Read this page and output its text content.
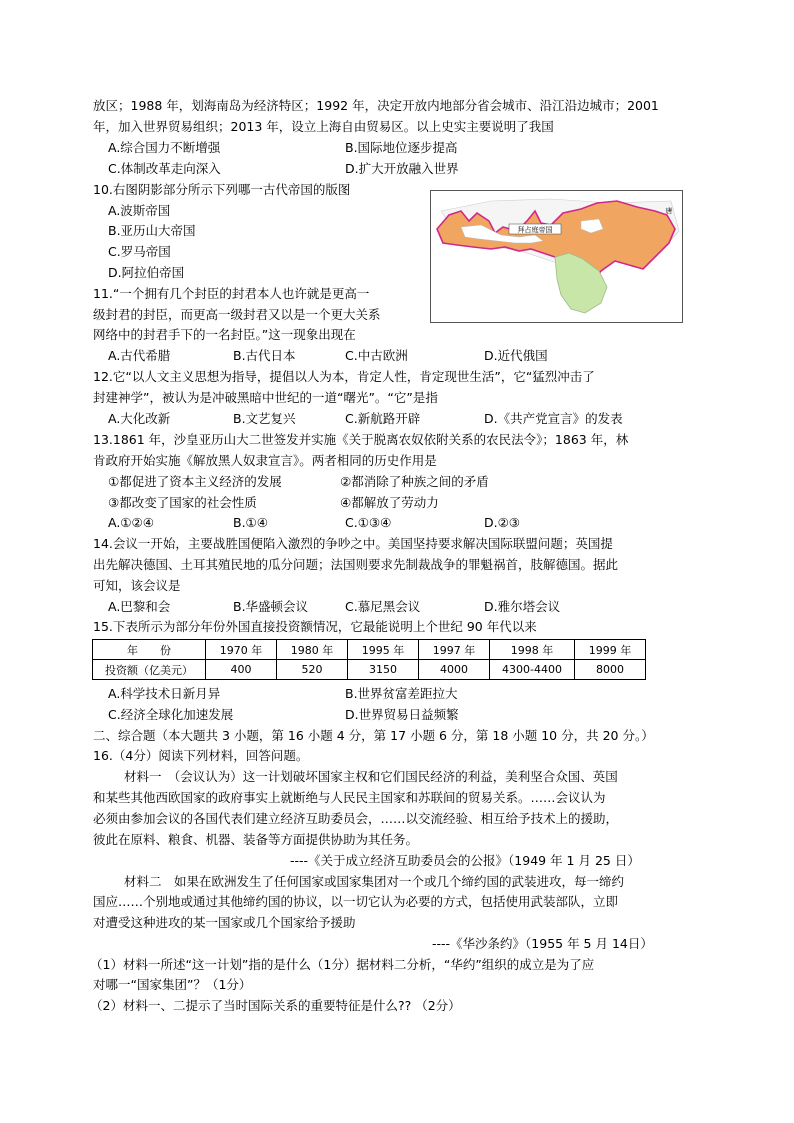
放区；1988 年，划海南岛为经济特区；1992 年，决定开放内地部分省会城市、沿江沿边城市；2001
年，加入世界贸易组织；2013 年，设立上海自由贸易区。以上史实主要说明了我国
A.综合国力不断增强	B.国际地位逐步提高
C.体制改革走向深入	D.扩大开放融入世界
10.右图阴影部分所示下列哪一古代帝国的版图
A.波斯帝国
B.亚历山大帝国
C.罗马帝国
D.阿拉伯帝国
拜占庭帝国
唐
11.“一个拥有几个封臣的封君本人也许就是更高一
级封君的封臣，而更高一级封君又以是一个更大关系
网络中的封君手下的一名封臣。”这一现象出现在
A.古代希腊	B.古代日本	C.中古欧洲	D.近代俄国
12.它“以人文主义思想为指导，提倡以人为本，肯定人性，肯定现世生活”，它“猛烈冲击了
封建神学”，被认为是冲破黑暗中世纪的一道“曙光”。“它”是指
A.大化改新	B.文艺复兴	C.新航路开辟	D.《共产党宣言》的发表
13.1861 年，沙皇亚历山大二世签发并实施《关于脱离农奴依附关系的农民法令》；1863 年，林
肯政府开始实施《解放黑人奴隶宣言》。两者相同的历史作用是
①都促进了资本主义经济的发展	②都消除了种族之间的矛盾
③都改变了国家的社会性质	④都解放了劳动力
A.①②④	B.①④	C.①③④	D.②③
14.会议一开始，主要战胜国便陷入激烈的争吵之中。美国坚持要求解决国际联盟问题；英国提
出先解决德国、土耳其殖民地的瓜分问题；法国则要求先制裁战争的罪魁祸首，肢解德国。据此
可知，该会议是
A.巴黎和会	B.华盛顿会议	C.慕尼黑会议	D.雅尔塔会议
15.下表所示为部分年份外国直接投资额情况，它最能说明上个世纪 90 年代以来
年　　份	1970 年	1980 年	1995 年	1997 年	1998 年	1999 年
投资额（亿美元）	400	520	3150	4000	4300-4400	8000
A.科学技术日新月异	B.世界贫富差距拉大
C.经济全球化加速发展	D.世界贸易日益频繁
二、综合题（本大题共 3 小题，第 16 小题 4 分，第 17 小题 6 分，第 18 小题 10 分，共 20 分。）
16.（4分）阅读下列材料，回答问题。
材料一　（会议认为）这一计划破坏国家主权和它们国民经济的利益，美利坚合众国、英国
和某些其他西欧国家的政府事实上就断绝与人民民主国家和苏联间的贸易关系。……会议认为
必须由参加会议的各国代表们建立经济互助委员会，……以交流经验、相互给予技术上的援助，
彼此在原料、粮食、机器、装备等方面提供协助为其任务。
----《关于成立经济互助委员会的公报》（1949 年 1 月 25 日）
材料二　如果在欧洲发生了任何国家或国家集团对一个或几个缔约国的武装进攻，每一缔约
国应……个别地或通过其他缔约国的协议，以一切它认为必要的方式，包括使用武装部队，立即
对遭受这种进攻的某一国家或几个国家给予援助
----《华沙条约》（1955 年 5 月 14日）
（1）材料一所述“这一计划”指的是什么（1分）据材料二分析，“华约”组织的成立是为了应
对哪一“国家集团”？（1分）
（2）材料一、二提示了当时国际关系的重要特征是什么?? （2分）
